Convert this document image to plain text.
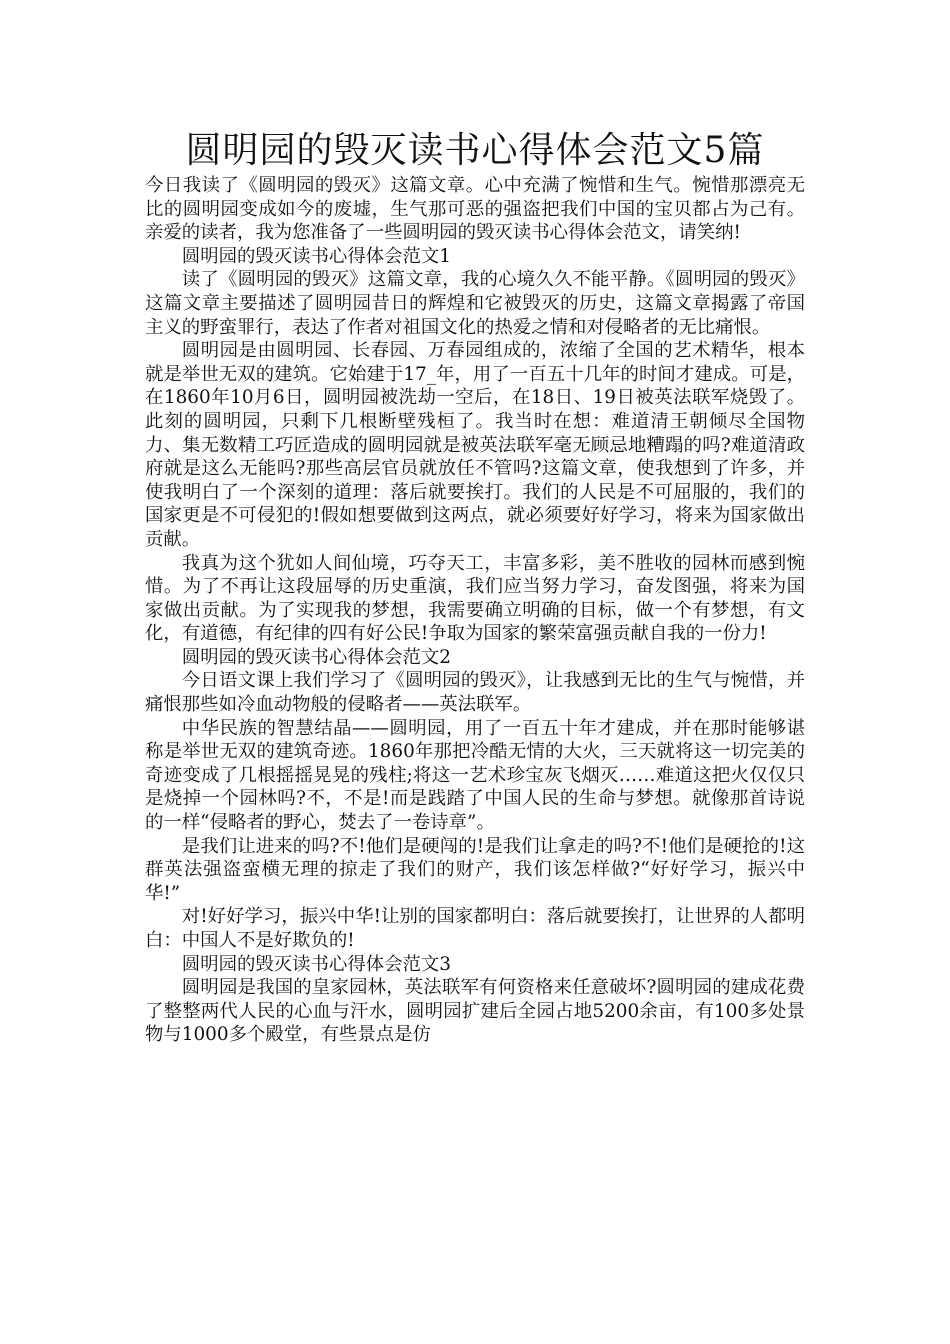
圆明园的毁灭读书心得体会范文5篇

今日我读了《圆明园的毁灭》这篇文章。心中充满了惋惜和生气。惋惜那漂亮无比的圆明园变成如今的废墟，生气那可恶的强盗把我们中国的宝贝都占为己有。亲爱的读者，我为您准备了一些圆明园的毁灭读书心得体会范文，请笑纳!

圆明园的毁灭读书心得体会范文1

读了《圆明园的毁灭》这篇文章，我的心境久久不能平静。《圆明园的毁灭》这篇文章主要描述了圆明园昔日的辉煌和它被毁灭的历史，这篇文章揭露了帝国主义的野蛮罪行，表达了作者对祖国文化的热爱之情和对侵略者的无比痛恨。

圆明园是由圆明园、长春园、万春园组成的，浓缩了全国的艺术精华，根本就是举世无双的建筑。它始建于17_年，用了一百五十几年的时间才建成。可是，在1860年10月6日，圆明园被洗劫一空后，在18日、19日被英法联军烧毁了。此刻的圆明园，只剩下几根断壁残桓了。我当时在想：难道清王朝倾尽全国物力、集无数精工巧匠造成的圆明园就是被英法联军毫无顾忌地糟蹋的吗?难道清政府就是这么无能吗?那些高层官员就放任不管吗?这篇文章，使我想到了许多，并使我明白了一个深刻的道理：落后就要挨打。我们的人民是不可屈服的，我们的国家更是不可侵犯的!假如想要做到这两点，就必须要好好学习，将来为国家做出贡献。

我真为这个犹如人间仙境，巧夺天工，丰富多彩，美不胜收的园林而感到惋惜。为了不再让这段屈辱的历史重演，我们应当努力学习，奋发图强，将来为国家做出贡献。为了实现我的梦想，我需要确立明确的目标，做一个有梦想，有文化，有道德，有纪律的四有好公民!争取为国家的繁荣富强贡献自我的一份力!

圆明园的毁灭读书心得体会范文2

今日语文课上我们学习了《圆明园的毁灭》，让我感到无比的生气与惋惜，并痛恨那些如冷血动物般的侵略者——英法联军。

中华民族的智慧结晶——圆明园，用了一百五十年才建成，并在那时能够谌称是举世无双的建筑奇迹。1860年那把冷酷无情的大火，三天就将这一切完美的奇迹变成了几根摇摇晃晃的残柱;将这一艺术珍宝灰飞烟灭……难道这把火仅仅只是烧掉一个园林吗?不，不是!而是践踏了中国人民的生命与梦想。就像那首诗说的一样“侵略者的野心，焚去了一卷诗章”。

是我们让进来的吗?不!他们是硬闯的!是我们让拿走的吗?不!他们是硬抢的!这群英法强盗蛮横无理的掠走了我们的财产，我们该怎样做?“好好学习，振兴中华!”

对!好好学习，振兴中华!让别的国家都明白：落后就要挨打，让世界的人都明白：中国人不是好欺负的!

圆明园的毁灭读书心得体会范文3

圆明园是我国的皇家园林，英法联军有何资格来任意破坏?圆明园的建成花费了整整两代人民的心血与汗水，圆明园扩建后全园占地5200余亩，有100多处景物与1000多个殿堂，有些景点是仿
